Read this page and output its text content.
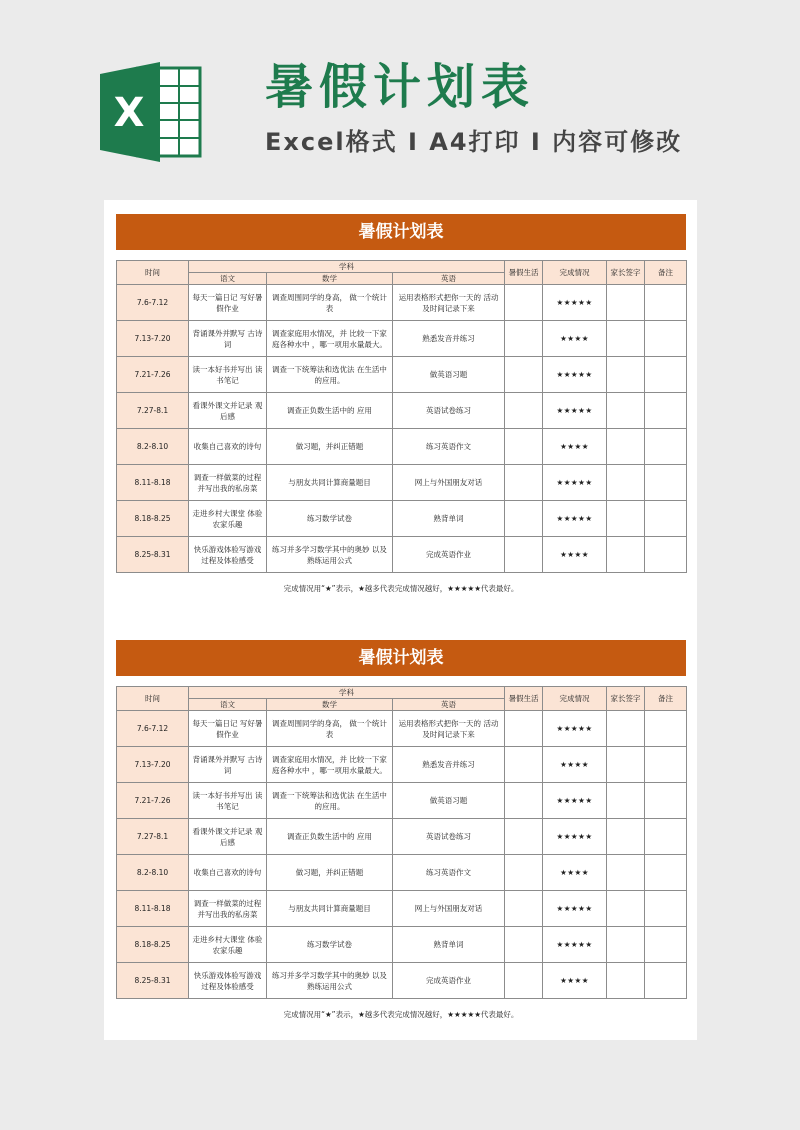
X	暑假计划表
Excel格式 I A4打印 I 内容可修改
暑假计划表
时间	学科			暑假生活	完成情况	家长签字	备注
	语文	数学	英语				
7.6-7.12	每天一篇日记 写好暑假作业	调查周围同学的身高， 做一个统计表	运用表格形式把你一天的 活动及时间记录下来		★★★★★		
7.13-7.20	背诵课外并默写 古诗词	调查家庭用水情况，并 比较一下家庭各种水中 ，哪一项用水量最大。	熟悉发音并练习		★★★★		
7.21-7.26	读一本好书并写出 读书笔记	调查一下统筹法和选优法 在生活中的应用。	做英语习题		★★★★★		
7.27-8.1	看课外课文并记录 观后感	调查正负数生活中的 应用	英语试卷练习		★★★★★		
8.2-8.10	收集自己喜欢的诗句	做习题，并纠正错题	练习英语作文		★★★★		
8.11-8.18	调查一样做菜的过程 并写出我的私房菜	与朋友共同计算商量题目	网上与外国朋友对话		★★★★★		
8.18-8.25	走进乡村大课堂 体验农家乐趣	练习数学试卷	熟背单词		★★★★★		
8.25-8.31	快乐游戏体验写游戏 过程及体验感受	练习并多学习数学其中的奥妙 以及熟练运用公式	完成英语作业		★★★★		
完成情况用“★”表示，★越多代表完成情况越好，★★★★★代表最好。
暑假计划表
时间	学科			暑假生活	完成情况	家长签字	备注
	语文	数学	英语				
7.6-7.12	每天一篇日记 写好暑假作业	调查周围同学的身高， 做一个统计表	运用表格形式把你一天的 活动及时间记录下来		★★★★★		
7.13-7.20	背诵课外并默写 古诗词	调查家庭用水情况，并 比较一下家庭各种水中 ，哪一项用水量最大。	熟悉发音并练习		★★★★		
7.21-7.26	读一本好书并写出 读书笔记	调查一下统筹法和选优法 在生活中的应用。	做英语习题		★★★★★		
7.27-8.1	看课外课文并记录 观后感	调查正负数生活中的 应用	英语试卷练习		★★★★★		
8.2-8.10	收集自己喜欢的诗句	做习题，并纠正错题	练习英语作文		★★★★		
8.11-8.18	调查一样做菜的过程 并写出我的私房菜	与朋友共同计算商量题目	网上与外国朋友对话		★★★★★		
8.18-8.25	走进乡村大课堂 体验农家乐趣	练习数学试卷	熟背单词		★★★★★		
8.25-8.31	快乐游戏体验写游戏 过程及体验感受	练习并多学习数学其中的奥妙 以及熟练运用公式	完成英语作业		★★★★		
完成情况用“★”表示，★越多代表完成情况越好，★★★★★代表最好。
